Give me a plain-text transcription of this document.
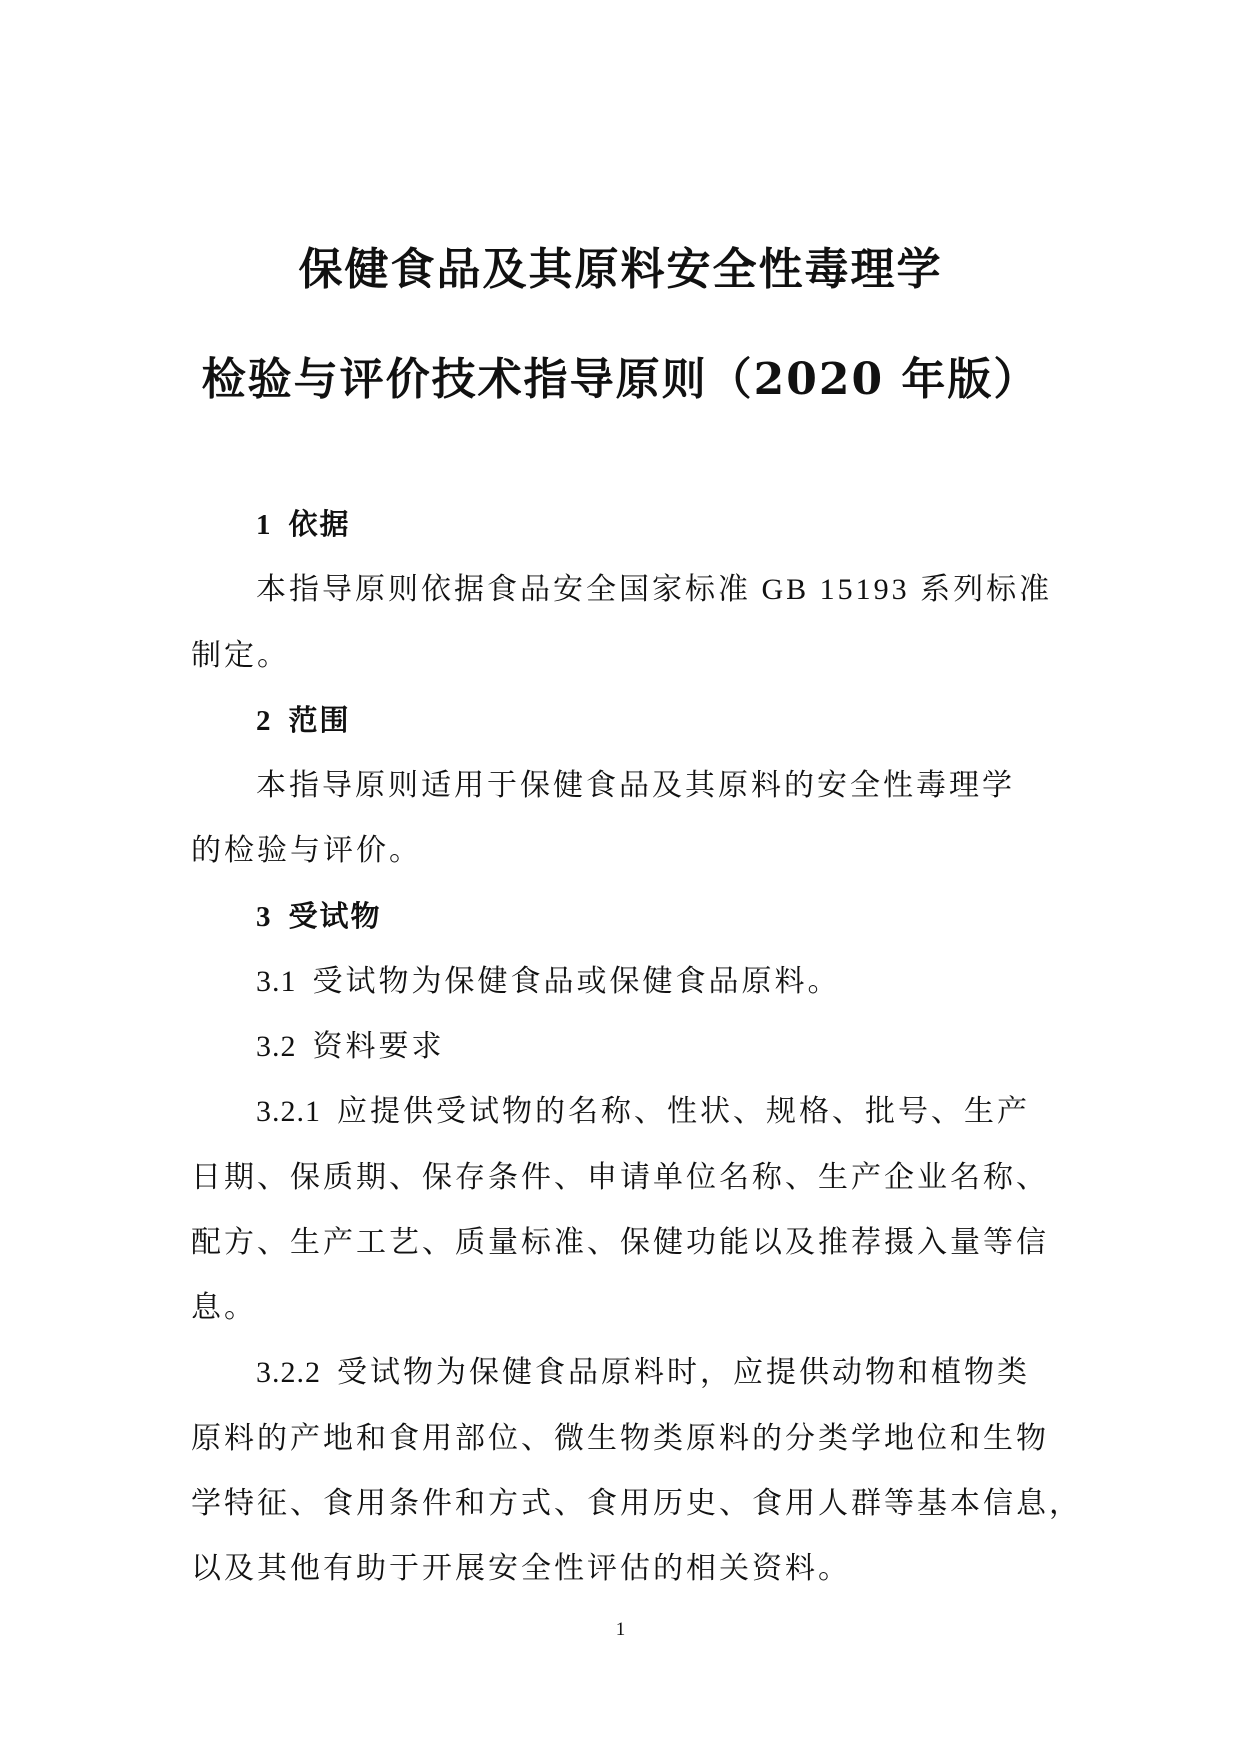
保健食品及其原料安全性毒理学
检验与评价技术指导原则（2020 年版）
1 依据
本指导原则依据食品安全国家标准 GB 15193 系列标准
制定。
2 范围
本指导原则适用于保健食品及其原料的安全性毒理学
的检验与评价。
3 受试物
3.1 受试物为保健食品或保健食品原料。
3.2 资料要求
3.2.1 应提供受试物的名称、性状、规格、批号、生产
日期、保质期、保存条件、申请单位名称、生产企业名称、
配方、生产工艺、质量标准、保健功能以及推荐摄入量等信
息。
3.2.2 受试物为保健食品原料时，应提供动物和植物类
原料的产地和食用部位、微生物类原料的分类学地位和生物
学特征、食用条件和方式、食用历史、食用人群等基本信息，
以及其他有助于开展安全性评估的相关资料。
1
